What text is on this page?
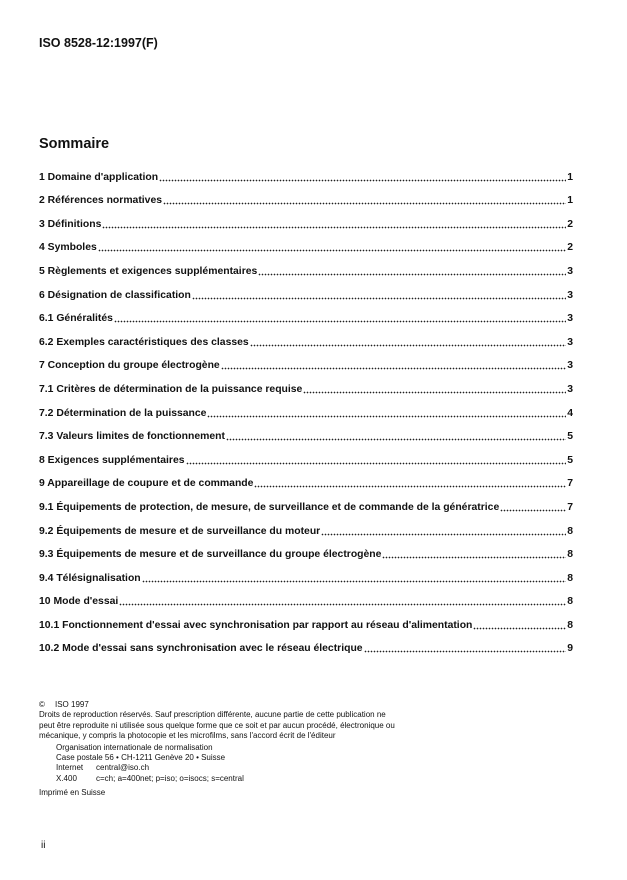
ISO 8528-12:1997(F)
Sommaire
1 Domaine d'application	1
2 Références normatives	1
3 Définitions	2
4 Symboles	2
5 Règlements et exigences supplémentaires	3
6 Désignation de classification	3
6.1 Généralités	3
6.2 Exemples caractéristiques des classes	3
7 Conception du groupe électrogène	3
7.1 Critères de détermination de la puissance requise	3
7.2 Détermination de la puissance	4
7.3 Valeurs limites de fonctionnement	5
8 Exigences supplémentaires	5
9 Appareillage de coupure et de commande	7
9.1 Équipements de protection, de mesure, de surveillance et de commande de la génératrice	7
9.2 Équipements de mesure et de surveillance du moteur	8
9.3 Équipements de mesure et de surveillance du groupe électrogène	8
9.4 Télésignalisation	8
10 Mode d'essai	8
10.1 Fonctionnement d'essai avec synchronisation par rapport au réseau d'alimentation	8
10.2 Mode d'essai sans synchronisation avec le réseau électrique	9
© ISO 1997
Droits de reproduction réservés. Sauf prescription différente, aucune partie de cette publication ne peut être reproduite ni utilisée sous quelque forme que ce soit et par aucun procédé, électronique ou mécanique, y compris la photocopie et les microfilms, sans l'accord écrit de l'éditeur
Organisation internationale de normalisation
Case postale 56 • CH-1211 Genève 20 • Suisse
Internet	central@iso.ch
X.400	c=ch; a=400net; p=iso; o=isocs; s=central
Imprimé en Suisse
ii
